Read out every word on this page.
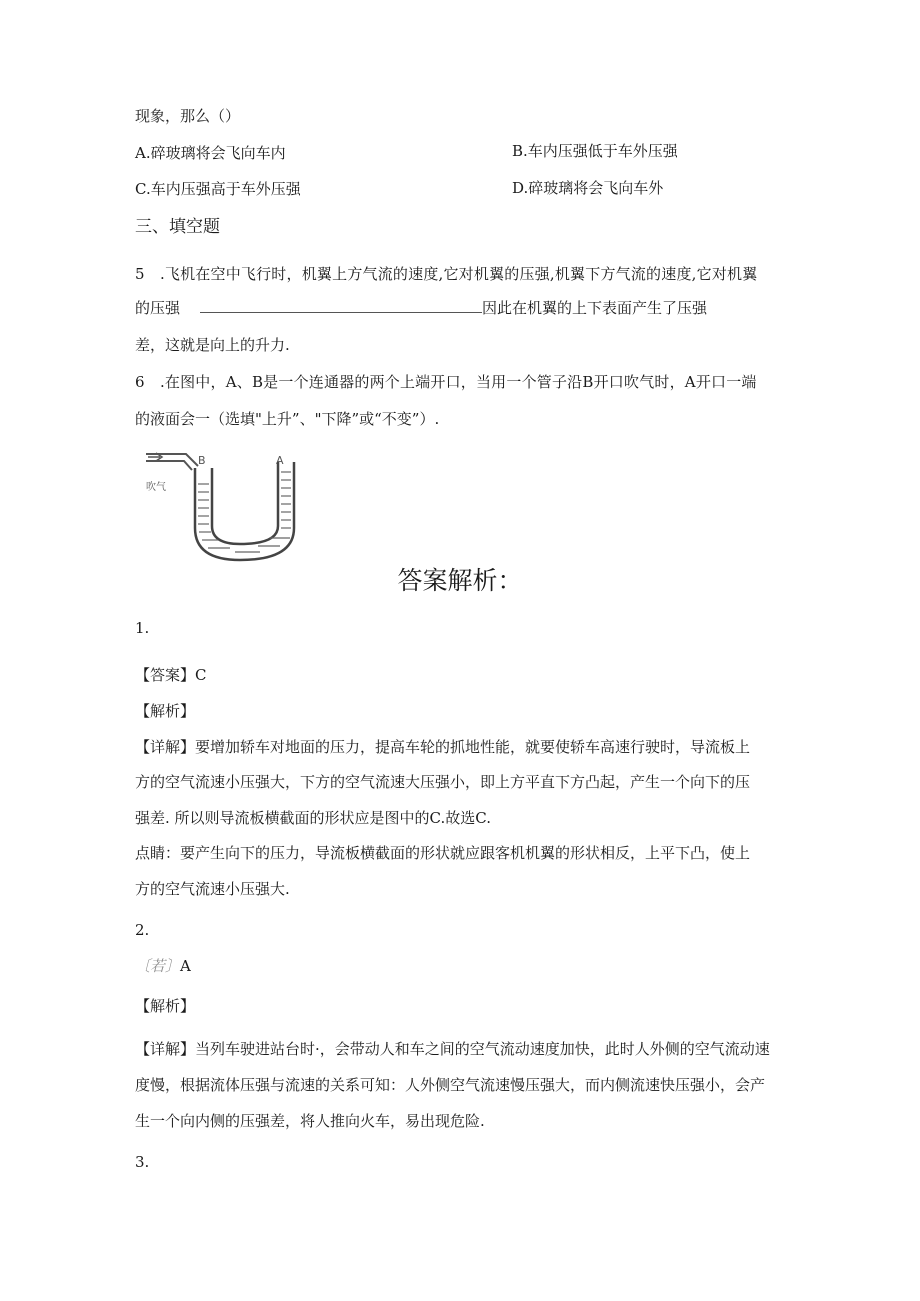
现象，那么（）
A.碎玻璃将会飞向车内	B.车内压强低于车外压强
C.车内压强高于车外压强	D.碎玻璃将会飞向车外
三、填空题
5　.飞机在空中飞行时，机翼上方气流的速度,它对机翼的压强,机翼下方气流的速度,它对机翼
的压强	因此在机翼的上下表面产生了压强
差，这就是向上的升力.
6　.在图中，A、B是一个连通器的两个上端开口，当用一个管子沿B开口吹气时，A开口一端
的液面会一（选填"上升”、"下降”或“不变”）.
吹气
B	A
答案解析：
1.
【答案】C
【解析】
【详解】要增加轿车对地面的压力，提高车轮的抓地性能，就要使轿车高速行驶时，导流板上
方的空气流速小压强大，下方的空气流速大压强小，即上方平直下方凸起，产生一个向下的压
强差. 所以则导流板横截面的形状应是图中的C.故选C.
点睛：要产生向下的压力，导流板横截面的形状就应跟客机机翼的形状相反，上平下凸，使上
方的空气流速小压强大.
2.
〔若〕A
【解析】
【详解】当列车驶进站台时·，会带动人和车之间的空气流动速度加快，此时人外侧的空气流动速
度慢，根据流体压强与流速的关系可知：人外侧空气流速慢压强大，而内侧流速快压强小，会产
生一个向内侧的压强差，将人推向火车，易出现危险.
3.
